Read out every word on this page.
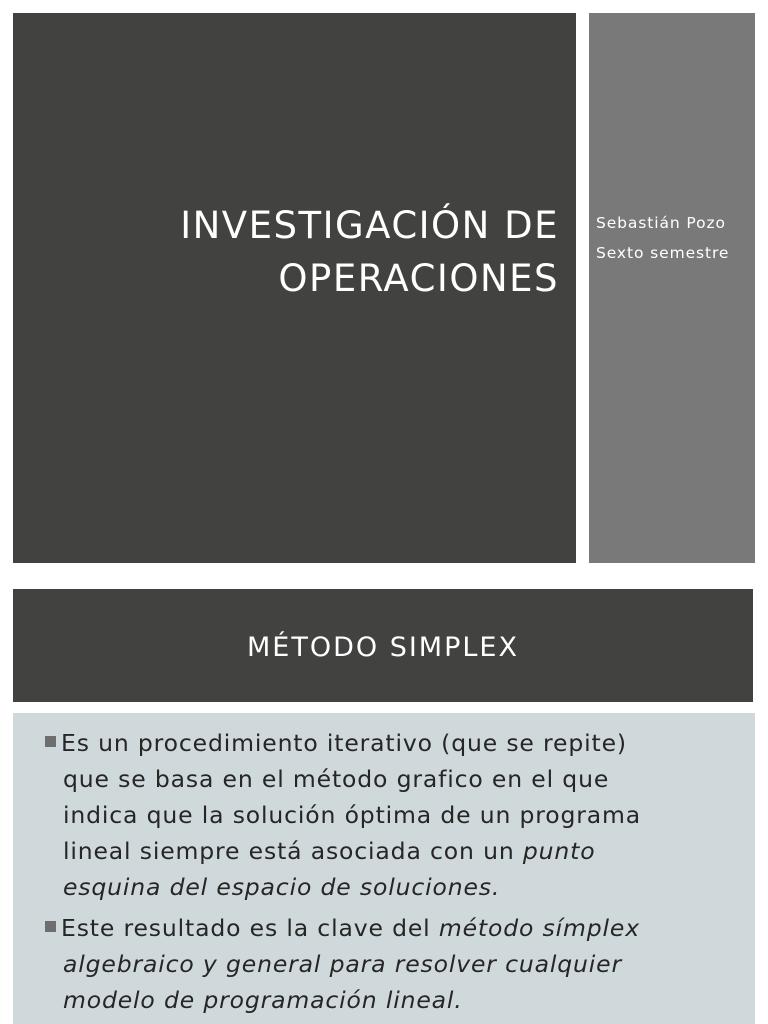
INVESTIGACIÓN DE
OPERACIONES
Sebastián Pozo
Sexto semestre
MÉTODO SIMPLEX
Es un procedimiento iterativo (que se repite)
que se basa en el método grafico en el que
indica que la solución óptima de un programa
lineal siempre está asociada con un punto
esquina del espacio de soluciones.
Este resultado es la clave del método símplex
algebraico y general para resolver cualquier
modelo de programación lineal.
